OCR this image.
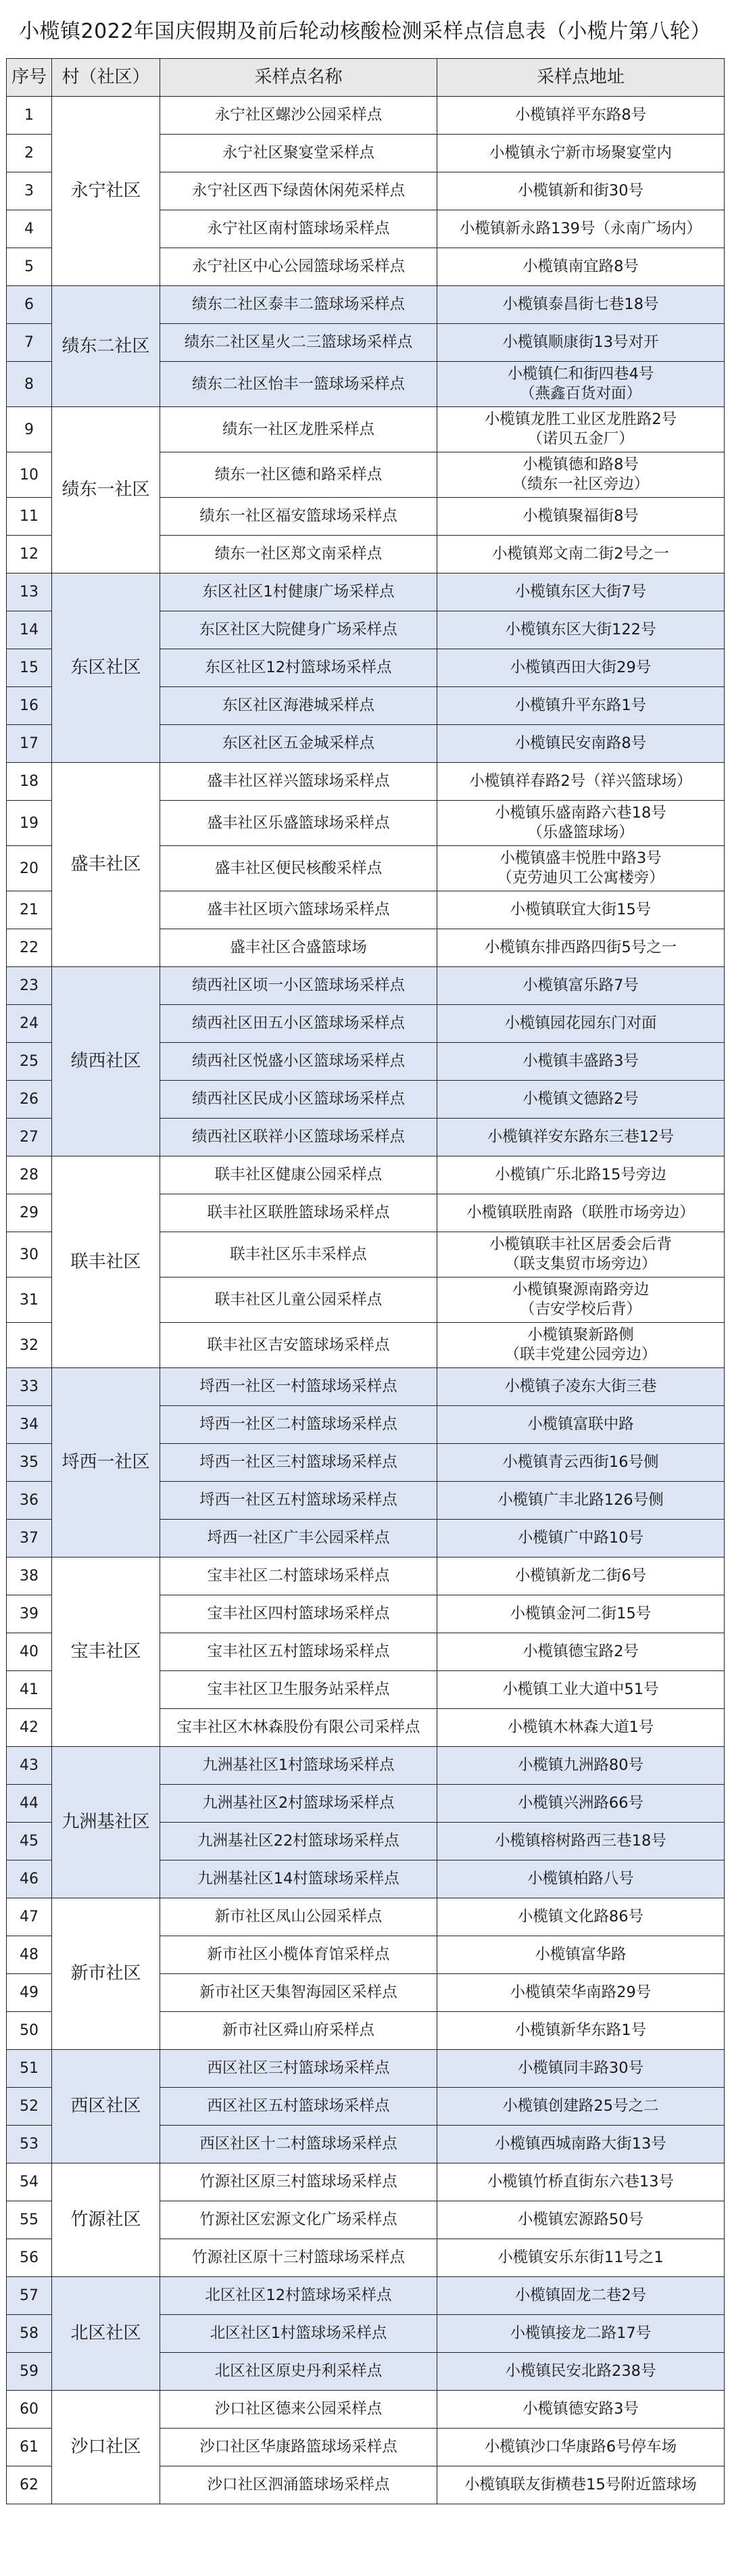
小榄镇2022年国庆假期及前后轮动核酸检测采样点信息表（小榄片第八轮）
序号	村（社区）	采样点名称	采样点地址
1	永宁社区	永宁社区螺沙公园采样点	小榄镇祥平东路8号

2		永宁社区聚宴堂采样点	小榄镇永宁新市场聚宴堂内

3		永宁社区西下绿茵休闲苑采样点	小榄镇新和街30号

4		永宁社区南村篮球场采样点	小榄镇新永路139号（永南广场内）

5		永宁社区中心公园篮球场采样点	小榄镇南宜路8号

6	绩东二社区	绩东二社区泰丰二篮球场采样点	小榄镇泰昌街七巷18号

7		绩东二社区星火二三篮球场采样点	小榄镇顺康街13号对开

8		绩东二社区怡丰一篮球场采样点	小榄镇仁和街四巷4号
（燕鑫百货对面）

9	绩东一社区	绩东一社区龙胜采样点	小榄镇龙胜工业区龙胜路2号
（诺贝五金厂）

10		绩东一社区德和路采样点	小榄镇德和路8号
（绩东一社区旁边）

11		绩东一社区福安篮球场采样点	小榄镇聚福街8号

12		绩东一社区郑文南采样点	小榄镇郑文南二街2号之一

13	东区社区	东区社区1村健康广场采样点	小榄镇东区大街7号

14		东区社区大院健身广场采样点	小榄镇东区大街122号

15		东区社区12村篮球场采样点	小榄镇西田大街29号

16		东区社区海港城采样点	小榄镇升平东路1号

17		东区社区五金城采样点	小榄镇民安南路8号

18	盛丰社区	盛丰社区祥兴篮球场采样点	小榄镇祥春路2号（祥兴篮球场）

19		盛丰社区乐盛篮球场采样点	小榄镇乐盛南路六巷18号
（乐盛篮球场）

20		盛丰社区便民核酸采样点	小榄镇盛丰悦胜中路3号
（克劳迪贝工公寓楼旁）

21		盛丰社区顷六篮球场采样点	小榄镇联宜大街15号

22		盛丰社区合盛篮球场	小榄镇东排西路四街5号之一

23	绩西社区	绩西社区顷一小区篮球场采样点	小榄镇富乐路7号

24		绩西社区田五小区篮球场采样点	小榄镇园花园东门对面

25		绩西社区悦盛小区篮球场采样点	小榄镇丰盛路3号

26		绩西社区民成小区篮球场采样点	小榄镇文德路2号

27		绩西社区联祥小区篮球场采样点	小榄镇祥安东路东三巷12号

28	联丰社区	联丰社区健康公园采样点	小榄镇广乐北路15号旁边

29		联丰社区联胜篮球场采样点	小榄镇联胜南路（联胜市场旁边）

30		联丰社区乐丰采样点	小榄镇联丰社区居委会后背
（联支集贸市场旁边）

31		联丰社区儿童公园采样点	小榄镇聚源南路旁边
（吉安学校后背）

32		联丰社区吉安篮球场采样点	小榄镇聚新路侧
（联丰党建公园旁边）

33	埒西一社区	埒西一社区一村篮球场采样点	小榄镇子凌东大街三巷

34		埒西一社区二村篮球场采样点	小榄镇富联中路

35		埒西一社区三村篮球场采样点	小榄镇青云西街16号侧

36		埒西一社区五村篮球场采样点	小榄镇广丰北路126号侧

37		埒西一社区广丰公园采样点	小榄镇广中路10号

38	宝丰社区	宝丰社区二村篮球场采样点	小榄镇新龙二街6号

39		宝丰社区四村篮球场采样点	小榄镇金河二街15号

40		宝丰社区五村篮球场采样点	小榄镇德宝路2号

41		宝丰社区卫生服务站采样点	小榄镇工业大道中51号

42		宝丰社区木林森股份有限公司采样点	小榄镇木林森大道1号

43	九洲基社区	九洲基社区1村篮球场采样点	小榄镇九洲路80号

44		九洲基社区2村篮球场采样点	小榄镇兴洲路66号

45		九洲基社区22村篮球场采样点	小榄镇榕树路西三巷18号

46		九洲基社区14村篮球场采样点	小榄镇柏路八号

47	新市社区	新市社区凤山公园采样点	小榄镇文化路86号

48		新市社区小榄体育馆采样点	小榄镇富华路

49		新市社区天集智海园区采样点	小榄镇荣华南路29号

50		新市社区舜山府采样点	小榄镇新华东路1号

51	西区社区	西区社区三村篮球场采样点	小榄镇同丰路30号

52		西区社区五村篮球场采样点	小榄镇创建路25号之二

53		西区社区十二村篮球场采样点	小榄镇西城南路大街13号

54	竹源社区	竹源社区原三村篮球场采样点	小榄镇竹桥直街东六巷13号

55		竹源社区宏源文化广场采样点	小榄镇宏源路50号

56		竹源社区原十三村篮球场采样点	小榄镇安乐东街11号之1

57	北区社区	北区社区12村篮球场采样点	小榄镇固龙二巷2号

58		北区社区1村篮球场采样点	小榄镇接龙二路17号

59		北区社区原史丹利采样点	小榄镇民安北路238号

60	沙口社区	沙口社区德来公园采样点	小榄镇德安路3号

61		沙口社区华康路篮球场采样点	小榄镇沙口华康路6号停车场

62		沙口社区泗涌篮球场采样点	小榄镇联友街横巷15号附近篮球场
